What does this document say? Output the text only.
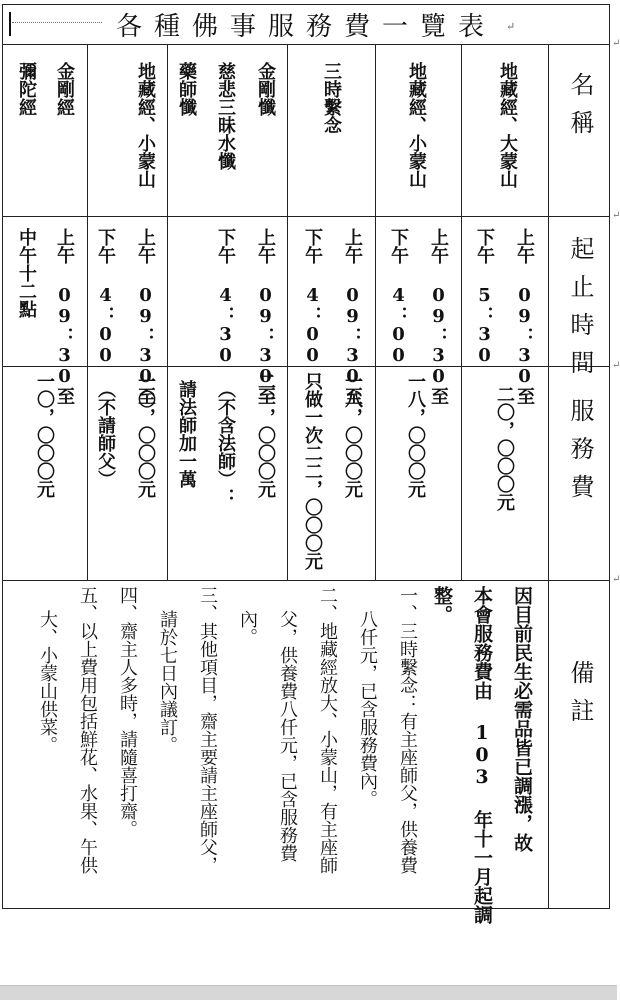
各種佛事服務費一覽表 ↵
名稱
起止時間
服務費
備註
地藏經、大蒙山
上午 09：30至
下午 5：30
二〇，〇〇〇元
地藏經、小蒙山
上午 09：30至
下午 4：00
一八，〇〇〇元
三時繫念
上午 09：30至
下午 4：00
一八，〇〇〇元
只做一次二二，〇〇〇元
金剛懺
慈悲三昧水懺
藥師懺
上午 09：30至
下午 4：30
二一，〇〇〇元
（不含法師）：
請法師加一萬
地藏經、小蒙山
上午 09：30至
下午 4：00
一〇，〇〇〇元
（不請師父）
金剛經
彌陀經
上午 09：30至
中午十二點
一〇，〇〇〇元
因目前民生必需品皆已調漲，故
本會服務費由 103 年十一月起調
整。
一、三時繫念：有主座師父，供養費
八仟元，已含服務費內。
二、地藏經放大、小蒙山，有主座師
父，供養費八仟元，已含服務費
內。
三、其他項目，齋主要請主座師父，
請於七日內議訂。
四、齋主人多時，請隨喜打齋。
五、以上費用包括鮮花、水果、午供
大、小蒙山供菜。
↵
↵
↵
↵
